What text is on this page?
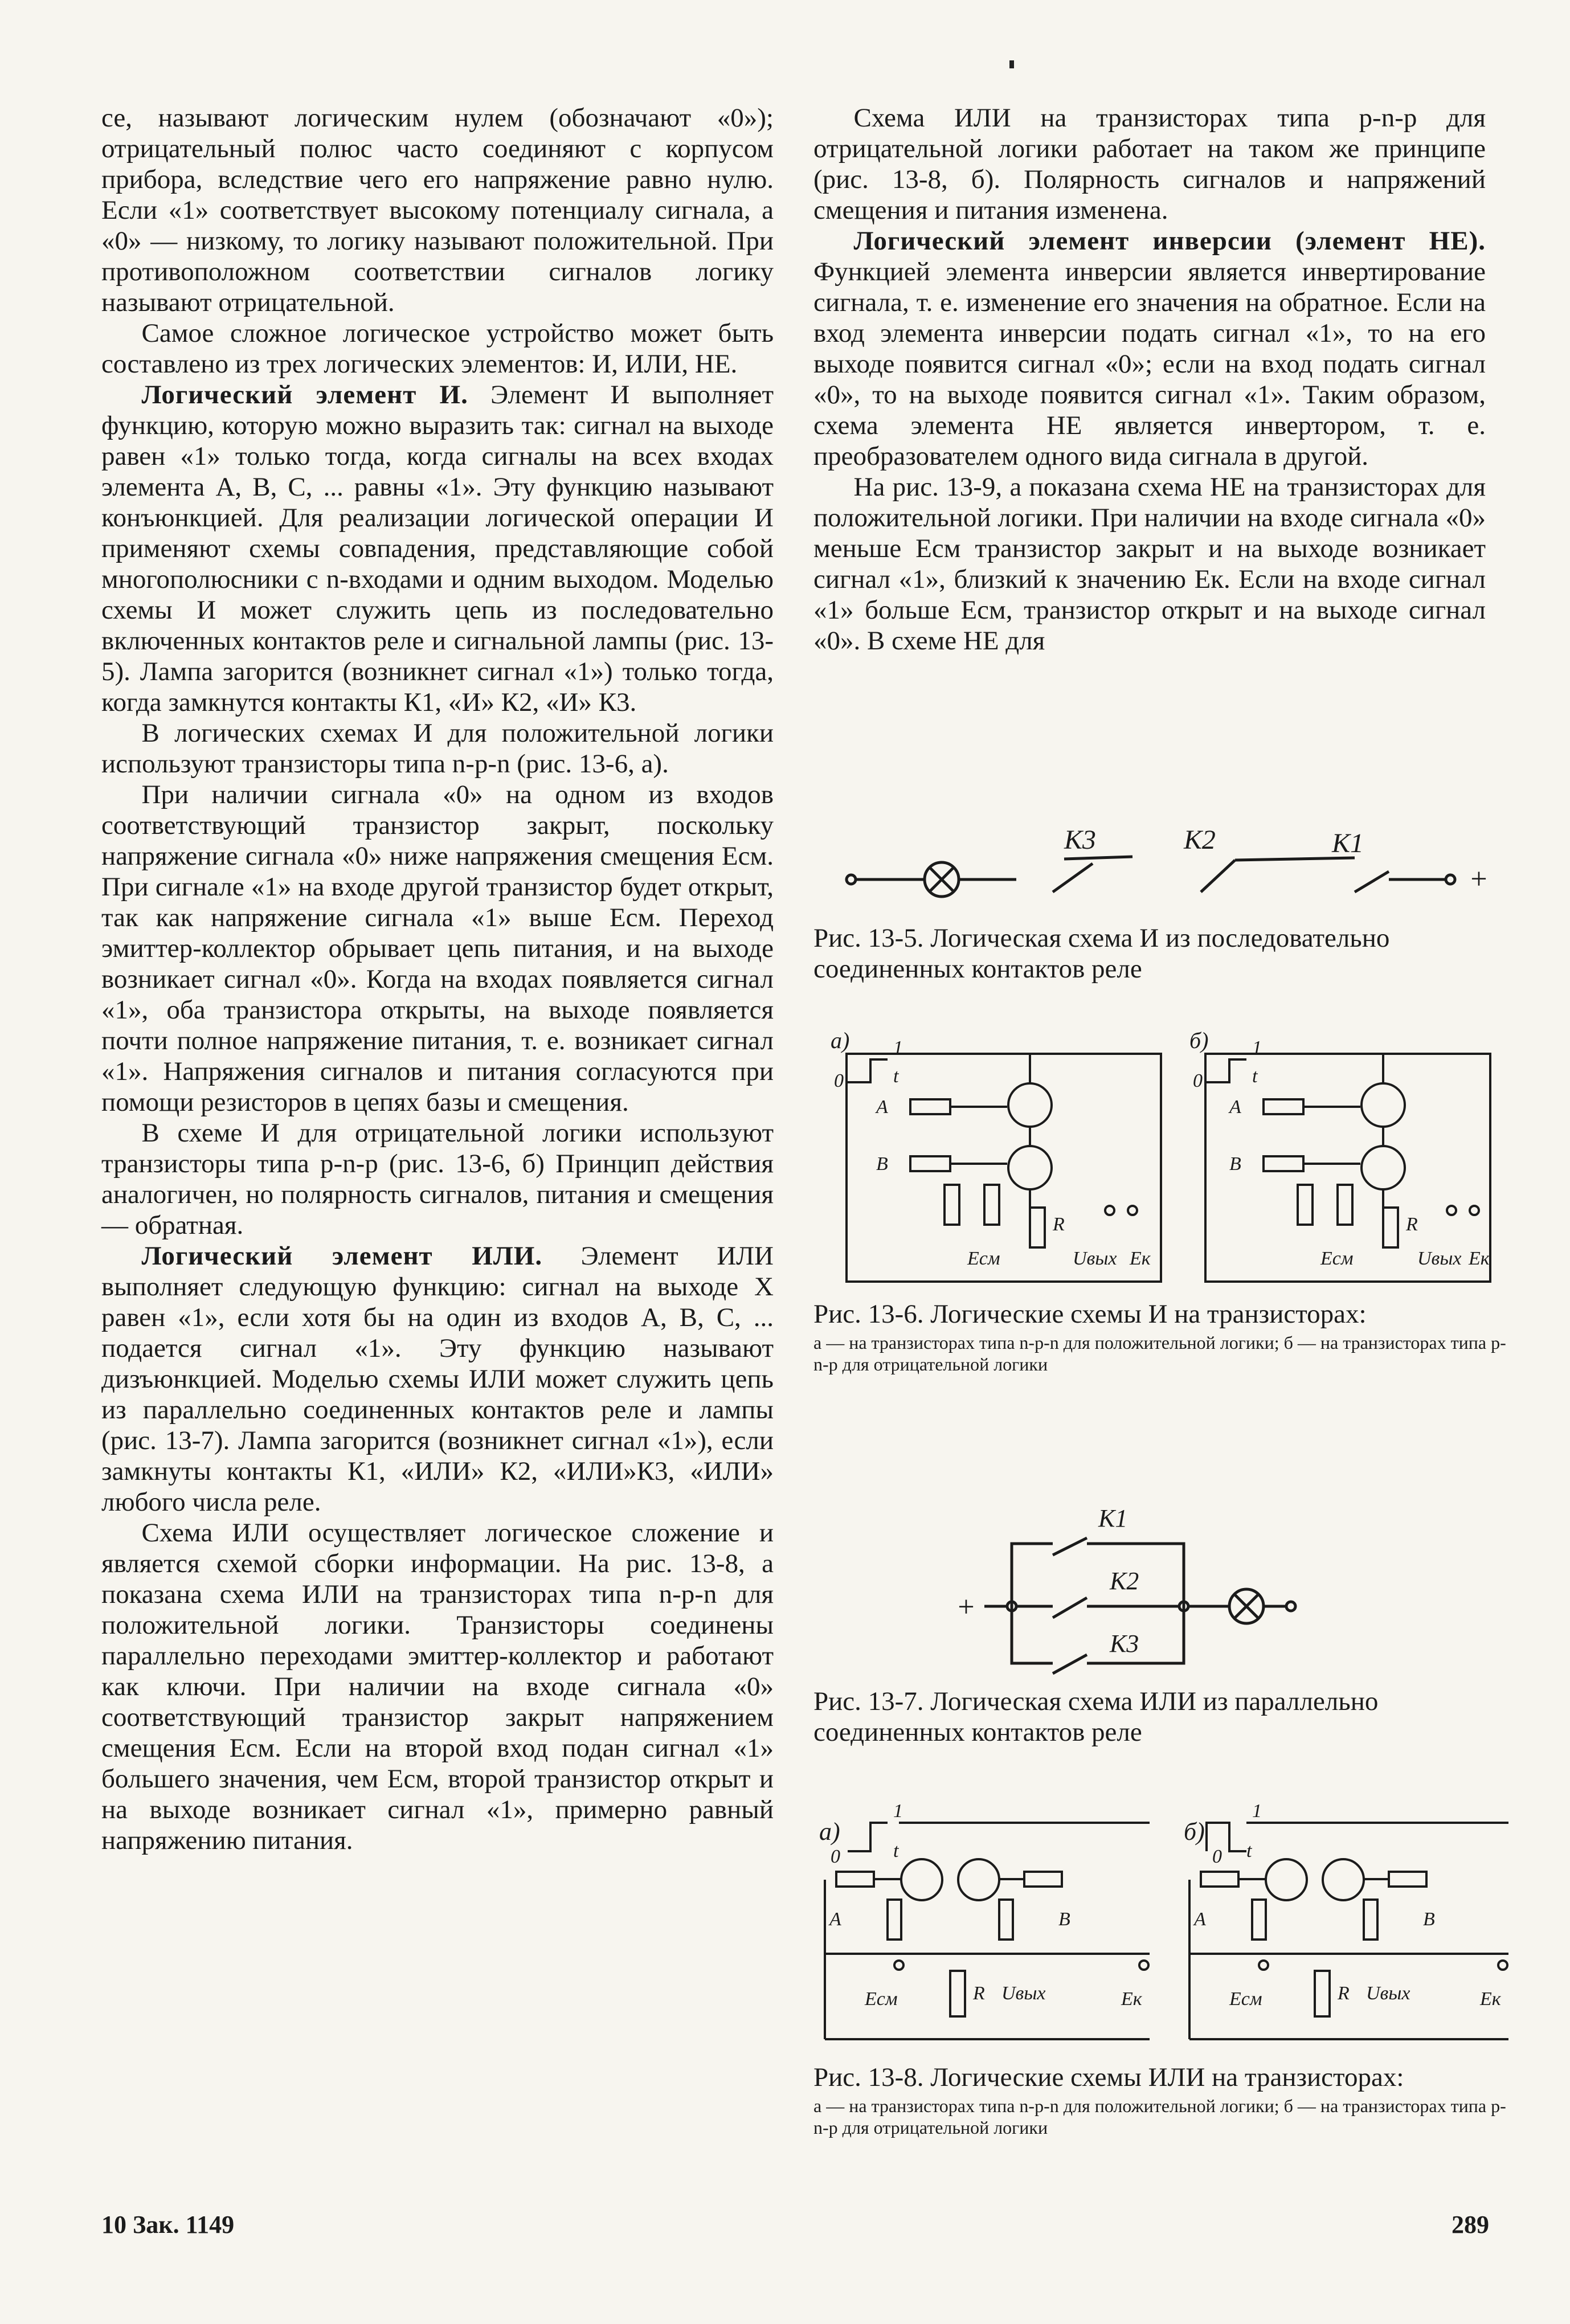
се, называют логическим нулем (обозначают «0»); отрицательный полюс часто соединяют с корпусом прибора, вследствие чего его напряжение равно нулю. Если «1» соответствует высокому потенциалу сигнала, а «0» — низкому, то логику называют положительной. При противоположном соответствии сигналов логику называют отрицательной.

Самое сложное логическое устройство может быть составлено из трех логических элементов: И, ИЛИ, НЕ.

Логический элемент И. Элемент И выполняет функцию, которую можно выразить так: сигнал на выходе равен «1» только тогда, когда сигналы на всех входах элемента А, В, С, ... равны «1». Эту функцию называют конъюнкцией. Для реализации логической операции И применяют схемы совпадения, представляющие собой многополюсники с n-входами и одним выходом. Моделью схемы И может служить цепь из последовательно включенных контактов реле и сигнальной лампы (рис. 13-5). Лампа загорится (возникнет сигнал «1») только тогда, когда замкнутся контакты К1, «И» К2, «И» К3.

В логических схемах И для положительной логики используют транзисторы типа n-p-n (рис. 13-6, а).

При наличии сигнала «0» на одном из входов соответствующий транзистор закрыт, поскольку напряжение сигнала «0» ниже напряжения смещения Есм. При сигнале «1» на входе другой транзистор будет открыт, так как напряжение сигнала «1» выше Есм. Переход эмиттер-коллектор обрывает цепь питания, и на выходе возникает сигнал «0». Когда на входах появляется сигнал «1», оба транзистора открыты, на выходе появляется почти полное напряжение питания, т. е. возникает сигнал «1». Напряжения сигналов и питания согласуются при помощи резисторов в цепях базы и смещения.

В схеме И для отрицательной логики используют транзисторы типа p-n-p (рис. 13-6, б) Принцип действия аналогичен, но полярность сигналов, питания и смещения — обратная.

Логический элемент ИЛИ. Элемент ИЛИ выполняет следующую функцию: сигнал на выходе X равен «1», если хотя бы на один из входов A, B, C, ... подается сигнал «1». Эту функцию называют дизъюнкцией. Моделью схемы ИЛИ может служить цепь из параллельно соединенных контактов реле и лампы (рис. 13-7). Лампа загорится (возникнет сигнал «1»), если замкнуты контакты К1, «ИЛИ» К2, «ИЛИ»К3, «ИЛИ» любого числа реле.

Схема ИЛИ осуществляет логическое сложение и является схемой сборки информации. На рис. 13-8, а показана схема ИЛИ на транзисторах типа n-p-n для положительной логики. Транзисторы соединены параллельно переходами эмиттер-коллектор и работают как ключи. При наличии на входе сигнала «0» соответствующий транзистор закрыт напряжением смещения Есм. Если на второй вход подан сигнал «1» большего значения, чем Есм, второй транзистор открыт и на выходе возникает сигнал «1», примерно равный напряжению питания.

Схема ИЛИ на транзисторах типа p-n-p для отрицательной логики работает на таком же принципе (рис. 13-8, б). Полярность сигналов и напряжений смещения и питания изменена.

Логический элемент инверсии (элемент НЕ). Функцией элемента инверсии является инвертирование сигнала, т. е. изменение его значения на обратное. Если на вход элемента инверсии подать сигнал «1», то на его выходе появится сигнал «0»; если на вход подать сигнал «0», то на выходе появится сигнал «1». Таким образом, схема элемента НЕ является инвертором, т. е. преобразователем одного вида сигнала в другой.

На рис. 13-9, а показана схема НЕ на транзисторах для положительной логики. При наличии на входе сигнала «0» меньше Есм транзистор закрыт и на выходе возникает сигнал «1», близкий к значению Ек. Если на входе сигнал «1» больше Есм, транзистор открыт и на выходе сигнал «0». В схеме НЕ для

К3	К2	К1
+

Рис. 13-5. Логическая схема И из последовательно соединенных контактов реле

а)
0
1
t
A
B
Есм
R
Uвых Ек
б)
0
1
t
A
B
Есм
R
Uвых Ек

Рис. 13-6. Логические схемы И на транзисторах:

а — на транзисторах типа n-p-n для положительной логики; б — на транзисторах типа p-n-p для отрицательной логики

К1
К2
К3
+

Рис. 13-7. Логическая схема ИЛИ из параллельно соединенных контактов реле

а)
0
1
t
A	B
Есм	R Uвых	Ек
б)
0
1
t
A	B
Есм	R Uвых	Ек

Рис. 13-8. Логические схемы ИЛИ на транзисторах:

а — на транзисторах типа n-p-n для положительной логики; б — на транзисторах типа p-n-p для отрицательной логики

10 Зак. 1149	289
